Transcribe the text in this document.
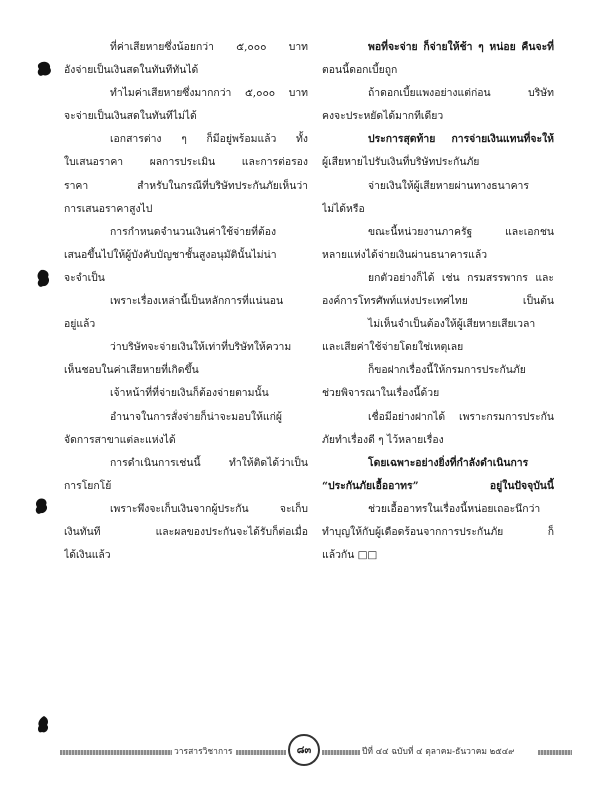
ที่ค่าเสียหายซึ่งน้อยกว่า ๕,๐๐๐ บาท

อังจ่ายเป็นเงินสดในทันทีทันได้

ทำไมค่าเสียหายซึ่งมากกว่า ๕,๐๐๐ บาท

จะจ่ายเป็นเงินสดในทันทีไม่ได้

เอกสารต่าง ๆ ก็มีอยู่พร้อมแล้ว ทั้ง

ใบเสนอราคา ผลการประเมิน และการต่อรอง

ราคา สำหรับในกรณีที่บริษัทประกันภัยเห็นว่า

การเสนอราคาสูงไป

การกำหนดจำนวนเงินค่าใช้จ่ายที่ต้อง

เสนอขึ้นไปให้ผู้บังคับบัญชาชั้นสูงอนุมัตินั้นไม่น่า

จะจำเป็น

เพราะเรื่องเหล่านี้เป็นหลักการที่แน่นอน

อยู่แล้ว

ว่าบริษัทจะจ่ายเงินให้เท่าที่บริษัทให้ความ

เห็นชอบในค่าเสียหายที่เกิดขึ้น

เจ้าหน้าที่ที่จ่ายเงินก็ต้องจ่ายตามนั้น

อำนาจในการสั่งจ่ายก็น่าจะมอบให้แก่ผู้

จัดการสาขาแต่ละแห่งได้

การดำเนินการเช่นนี้ ทำให้ติดได้ว่าเป็น

การโยกโย้

เพราะพึงจะเก็บเงินจากผู้ประกัน จะเก็บ

เงินทันที และผลของประกันจะได้รับก็ต่อเมื่อ

ได้เงินแล้ว

พอที่จะจ่าย ก็จ่ายให้ช้า ๆ หน่อย คืนจะที่

ตอนนี้ดอกเบี้ยถูก

ถ้าดอกเบี้ยแพงอย่างแต่ก่อน บริษัท

คงจะประหยัดได้มากทีเดียว

ประการสุดท้าย การจ่ายเงินแทนที่จะให้

ผู้เสียหายไปรับเงินที่บริษัทประกันภัย

จ่ายเงินให้ผู้เสียหายผ่านทางธนาคาร

ไม่ได้หรือ

ขณะนี้หน่วยงานภาครัฐ และเอกชน

หลายแห่งได้จ่ายเงินผ่านธนาคารแล้ว

ยกตัวอย่างก็ได้ เช่น กรมสรรพากร และ

องค์การโทรศัพท์แห่งประเทศไทย เป็นต้น

ไม่เห็นจำเป็นต้องให้ผู้เสียหายเสียเวลา

และเสียค่าใช้จ่ายโดยใช่เหตุเลย

ก็ขอฝากเรื่องนี้ให้กรมการประกันภัย

ช่วยพิจารณาในเรื่องนี้ด้วย

เชื่อมีอย่างฝากได้ เพราะกรมการประกัน

ภัยทำเรื่องดี ๆ ไว้หลายเรื่อง

โดยเฉพาะอย่างยิ่งที่กำลังดำเนินการ

“ประกันภัยเอื้ออาทร” อยู่ในปัจจุบันนี้

ช่วยเอื้ออาทรในเรื่องนี้หน่อยเถอะนึกว่า

ทำบุญให้กับผู้เดือดร้อนจากการประกันภัย ก็

แล้วกัน □□

วารสารวิชาการ	๘๓	ปีที่ ๔๔ ฉบับที่ ๔ ตุลาคม-ธันวาคม ๒๕๔๙
